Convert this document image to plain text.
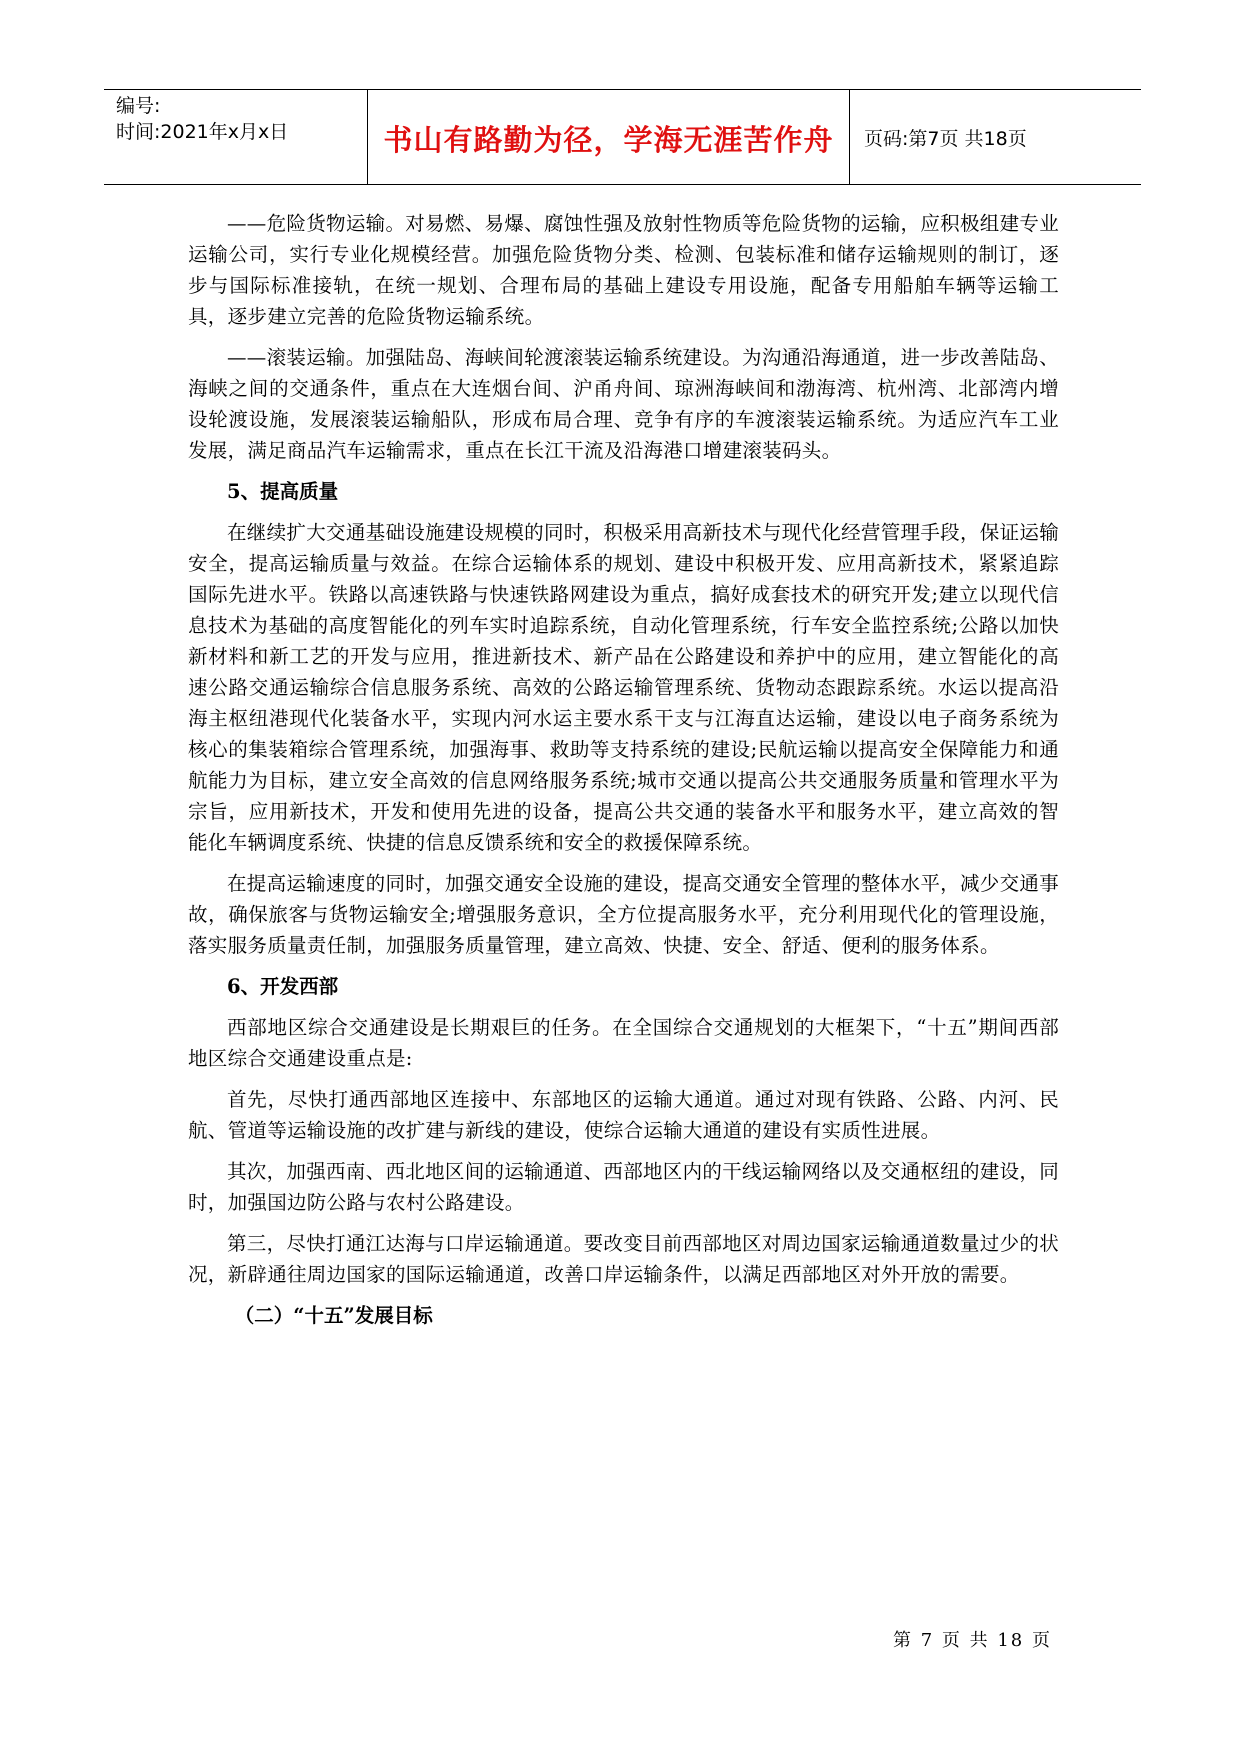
编号:
时间:2021年x月x日	书山有路勤为径，学海无涯苦作舟	页码:第7页 共18页

——危险货物运输。对易燃、易爆、腐蚀性强及放射性物质等危险货物的运输，应积极组建专业运输公司，实行专业化规模经营。加强危险货物分类、检测、包装标准和储存运输规则的制订，逐步与国际标准接轨，在统一规划、合理布局的基础上建设专用设施，配备专用船舶车辆等运输工具，逐步建立完善的危险货物运输系统。

——滚装运输。加强陆岛、海峡间轮渡滚装运输系统建设。为沟通沿海通道，进一步改善陆岛、海峡之间的交通条件，重点在大连烟台间、沪甬舟间、琼洲海峡间和渤海湾、杭州湾、北部湾内增设轮渡设施，发展滚装运输船队，形成布局合理、竞争有序的车渡滚装运输系统。为适应汽车工业发展，满足商品汽车运输需求，重点在长江干流及沿海港口增建滚装码头。

5、提高质量

在继续扩大交通基础设施建设规模的同时，积极采用高新技术与现代化经营管理手段，保证运输安全，提高运输质量与效益。在综合运输体系的规划、建设中积极开发、应用高新技术，紧紧追踪国际先进水平。铁路以高速铁路与快速铁路网建设为重点，搞好成套技术的研究开发;建立以现代信息技术为基础的高度智能化的列车实时追踪系统，自动化管理系统，行车安全监控系统;公路以加快新材料和新工艺的开发与应用，推进新技术、新产品在公路建设和养护中的应用，建立智能化的高速公路交通运输综合信息服务系统、高效的公路运输管理系统、货物动态跟踪系统。水运以提高沿海主枢纽港现代化装备水平，实现内河水运主要水系干支与江海直达运输，建设以电子商务系统为核心的集装箱综合管理系统，加强海事、救助等支持系统的建设;民航运输以提高安全保障能力和通航能力为目标，建立安全高效的信息网络服务系统;城市交通以提高公共交通服务质量和管理水平为宗旨，应用新技术，开发和使用先进的设备，提高公共交通的装备水平和服务水平，建立高效的智能化车辆调度系统、快捷的信息反馈系统和安全的救援保障系统。

在提高运输速度的同时，加强交通安全设施的建设，提高交通安全管理的整体水平，减少交通事故，确保旅客与货物运输安全;增强服务意识，全方位提高服务水平，充分利用现代化的管理设施，落实服务质量责任制，加强服务质量管理，建立高效、快捷、安全、舒适、便利的服务体系。

6、开发西部

西部地区综合交通建设是长期艰巨的任务。在全国综合交通规划的大框架下，“十五”期间西部地区综合交通建设重点是:

首先，尽快打通西部地区连接中、东部地区的运输大通道。通过对现有铁路、公路、内河、民航、管道等运输设施的改扩建与新线的建设，使综合运输大通道的建设有实质性进展。

其次，加强西南、西北地区间的运输通道、西部地区内的干线运输网络以及交通枢纽的建设，同时，加强国边防公路与农村公路建设。

第三，尽快打通江达海与口岸运输通道。要改变目前西部地区对周边国家运输通道数量过少的状况，新辟通往周边国家的国际运输通道，改善口岸运输条件，以满足西部地区对外开放的需要。

（二）“十五”发展目标
第 7 页 共 18 页
